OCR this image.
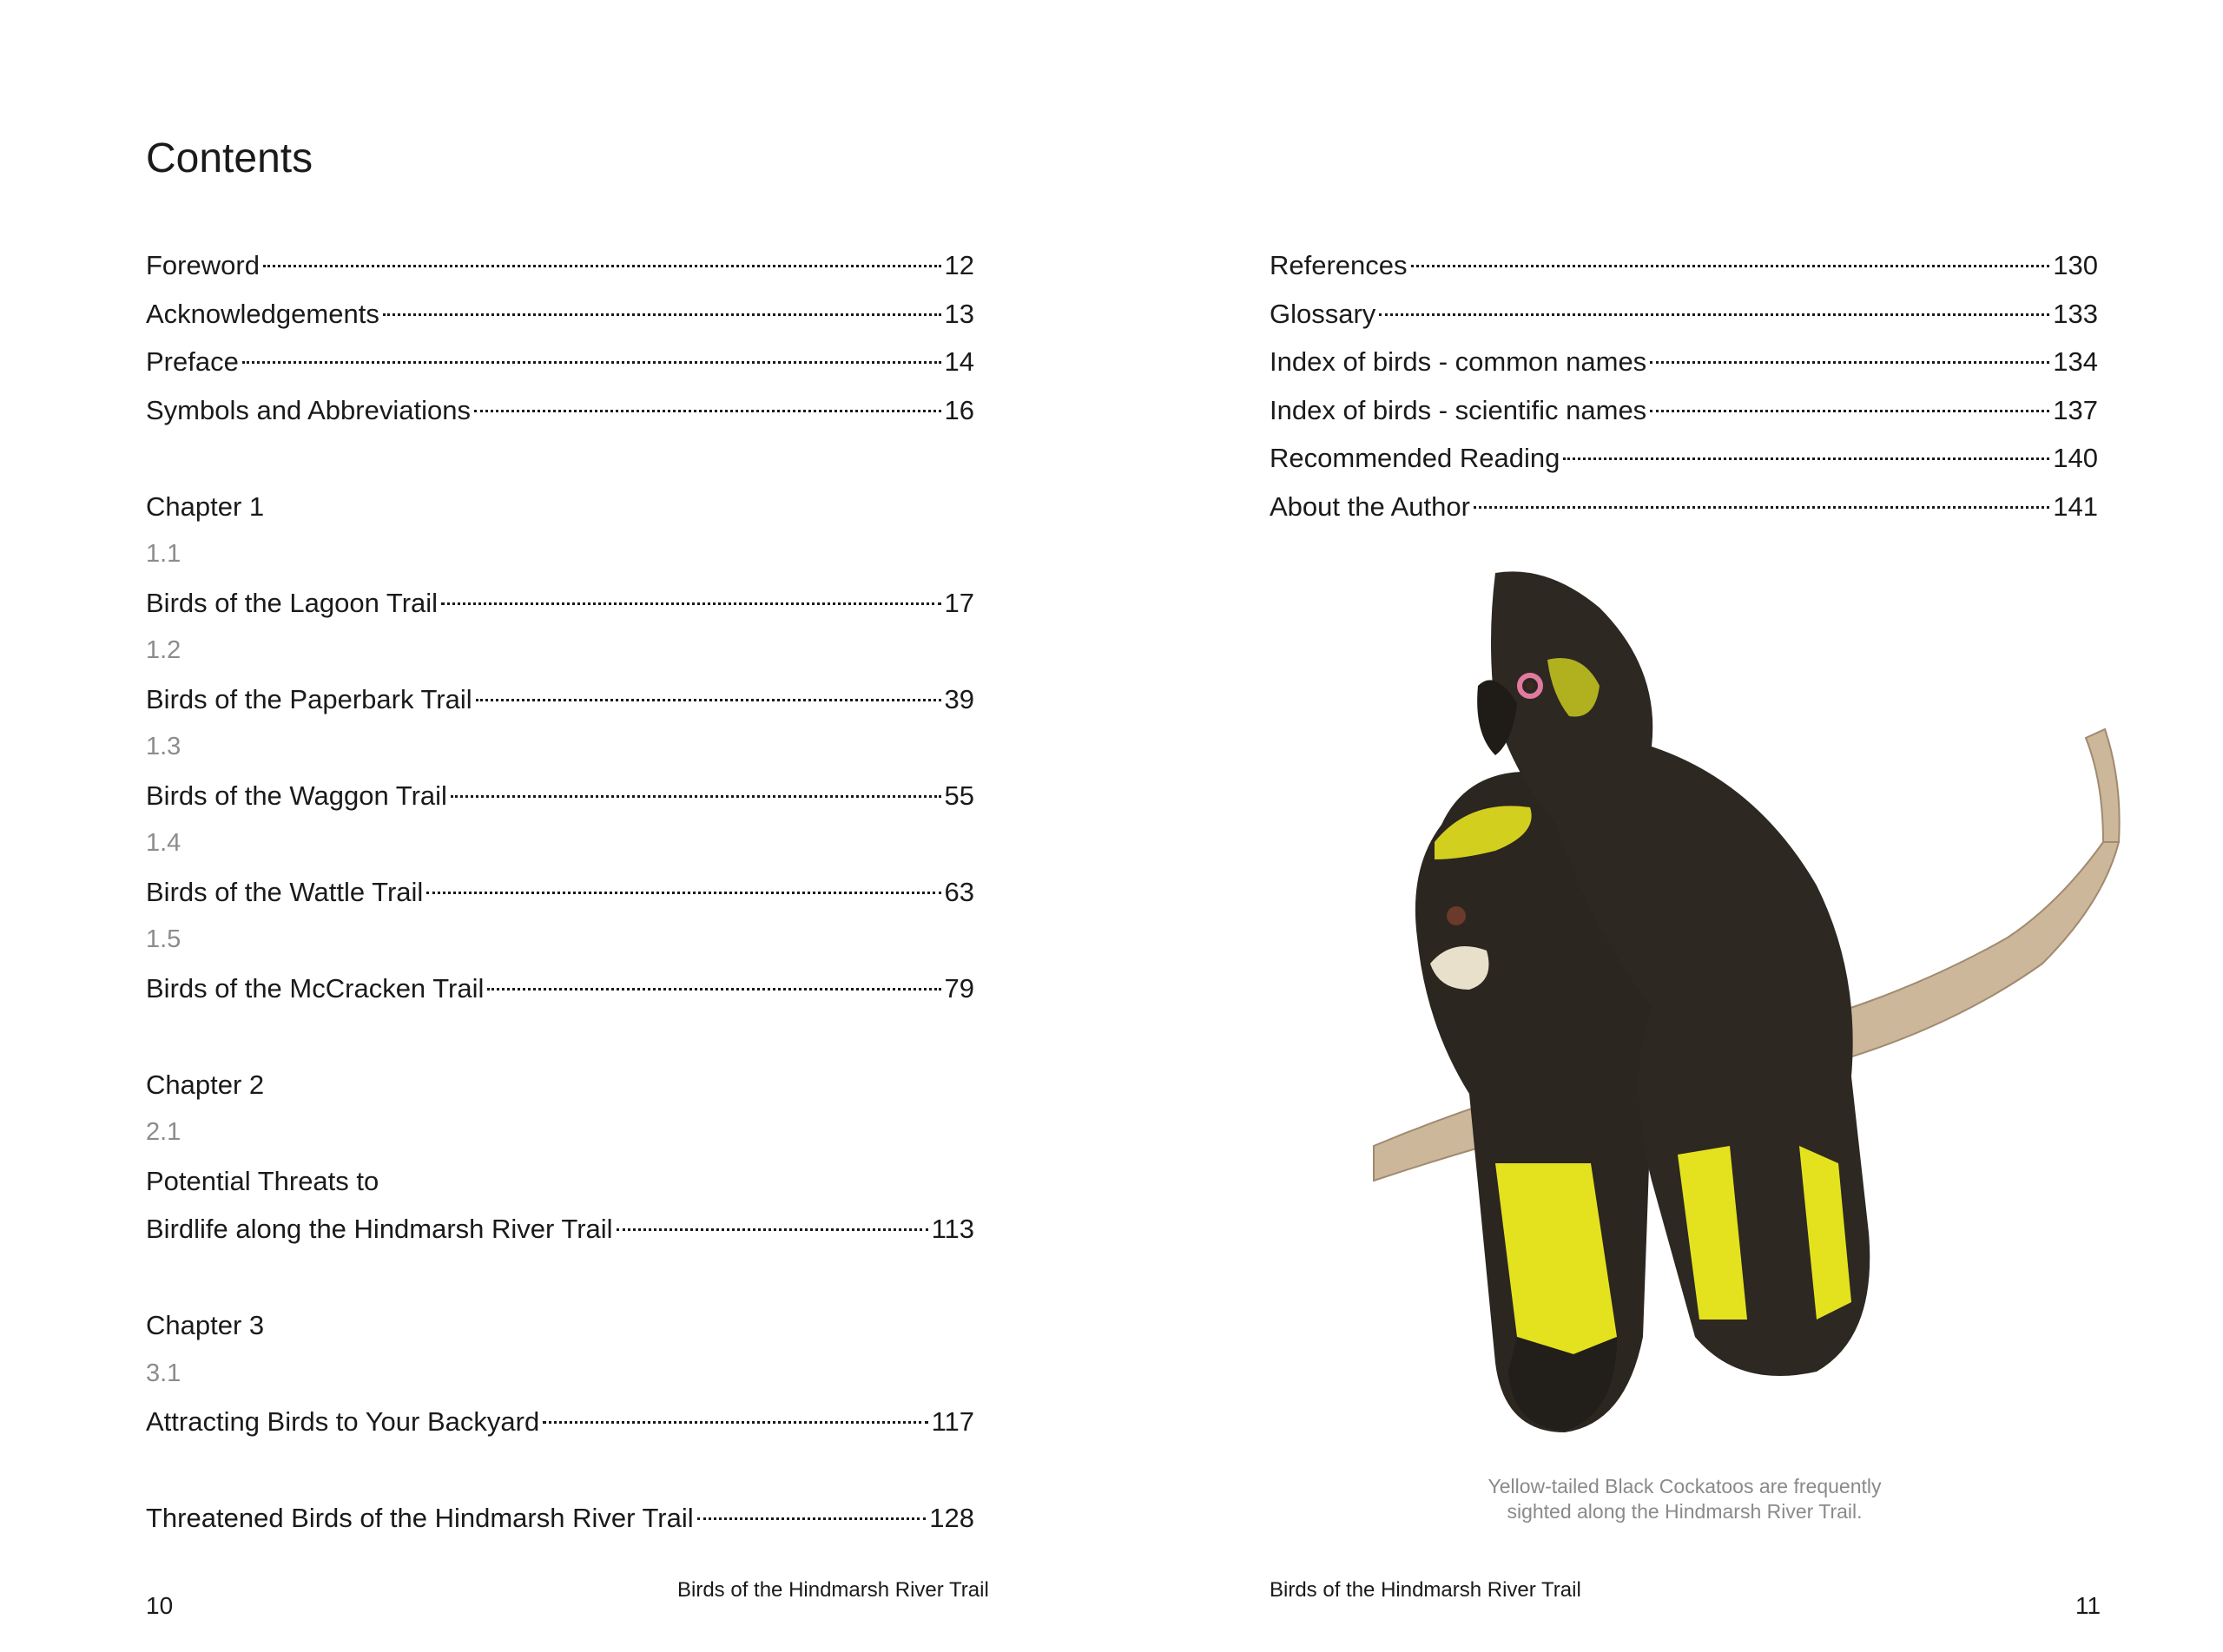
Contents
Foreword	12
Acknowledgements	13
Preface	14
Symbols and Abbreviations	16
Chapter 1
1.1
Birds of the Lagoon Trail	17
1.2
Birds of the Paperbark Trail	39
1.3
Birds of the Waggon Trail	55
1.4
Birds of the Wattle Trail	63
1.5
Birds of the McCracken Trail	79
Chapter 2
2.1
Potential Threats to
Birdlife along the Hindmarsh River Trail	113
Chapter 3
3.1
Attracting Birds to Your Backyard	117
Threatened Birds of the Hindmarsh River Trail	128
10
Birds of the Hindmarsh River Trail
References	130
Glossary	133
Index of birds - common names	134
Index of birds - scientific names	137
Recommended Reading	140
About the Author	141
Yellow-tailed Black Cockatoos are frequently
sighted along the Hindmarsh River Trail.
Birds of the Hindmarsh River Trail
11
